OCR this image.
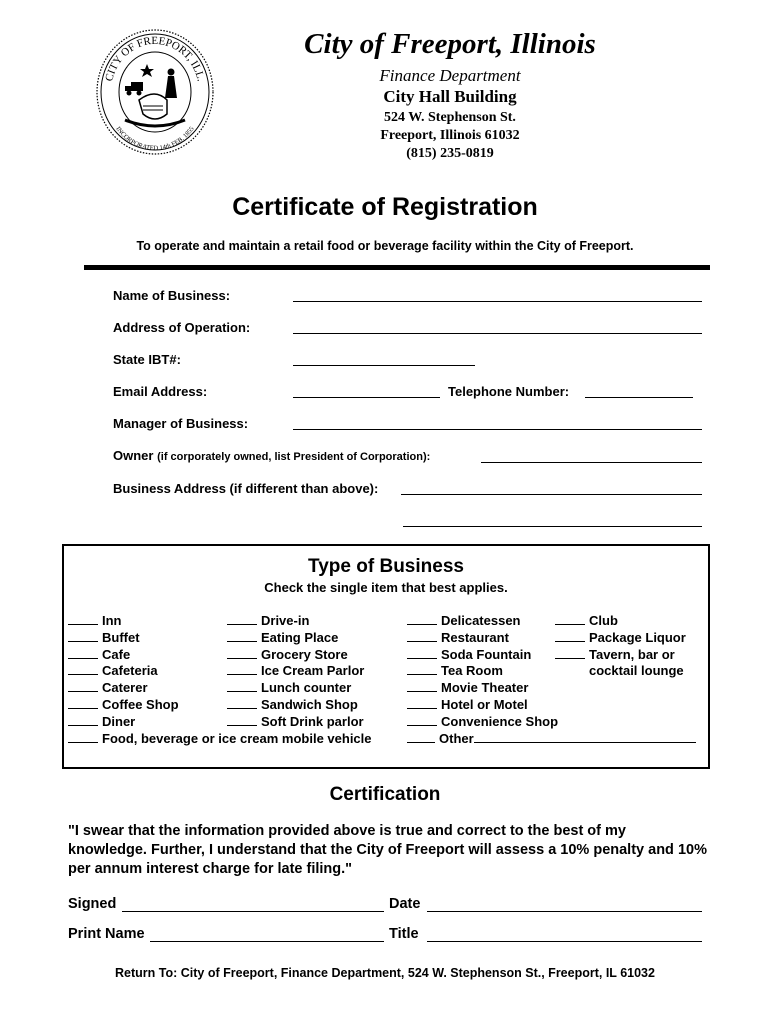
CITY OF FREEPORT, ILL.
INCORPORATED 14th FEB. 1855
City of Freeport, Illinois
Finance Department
City Hall Building
524 W. Stephenson St.
Freeport, Illinois 61032
(815) 235-0819
Certificate of Registration
To operate and maintain a retail food or beverage facility within the City of Freeport.
Name of Business:
Address of Operation:
State IBT#:
Email Address:	Telephone Number:
Manager of Business:
Owner (if corporately owned, list President of Corporation):
Business Address (if different than above):
Type of Business
Check the single item that best applies.
Inn
Buffet
Cafe
Cafeteria
Caterer
Coffee Shop
Diner
Food, beverage or ice cream mobile vehicle
Drive-in
Eating Place
Grocery Store
Ice Cream Parlor
Lunch counter
Sandwich Shop
Soft Drink parlor
Delicatessen
Restaurant
Soda Fountain
Tea Room
Movie Theater
Hotel or Motel
Convenience Shop
Other
Club
Package Liquor
Tavern, bar or
cocktail lounge
Certification
"I swear that the information provided above is true and correct to the best of my knowledge. Further, I understand that the City of Freeport will assess a 10% penalty and 10% per annum interest charge for late filing."
Signed	Date
Print Name	Title
Return To: City of Freeport, Finance Department, 524 W. Stephenson St., Freeport, IL 61032
